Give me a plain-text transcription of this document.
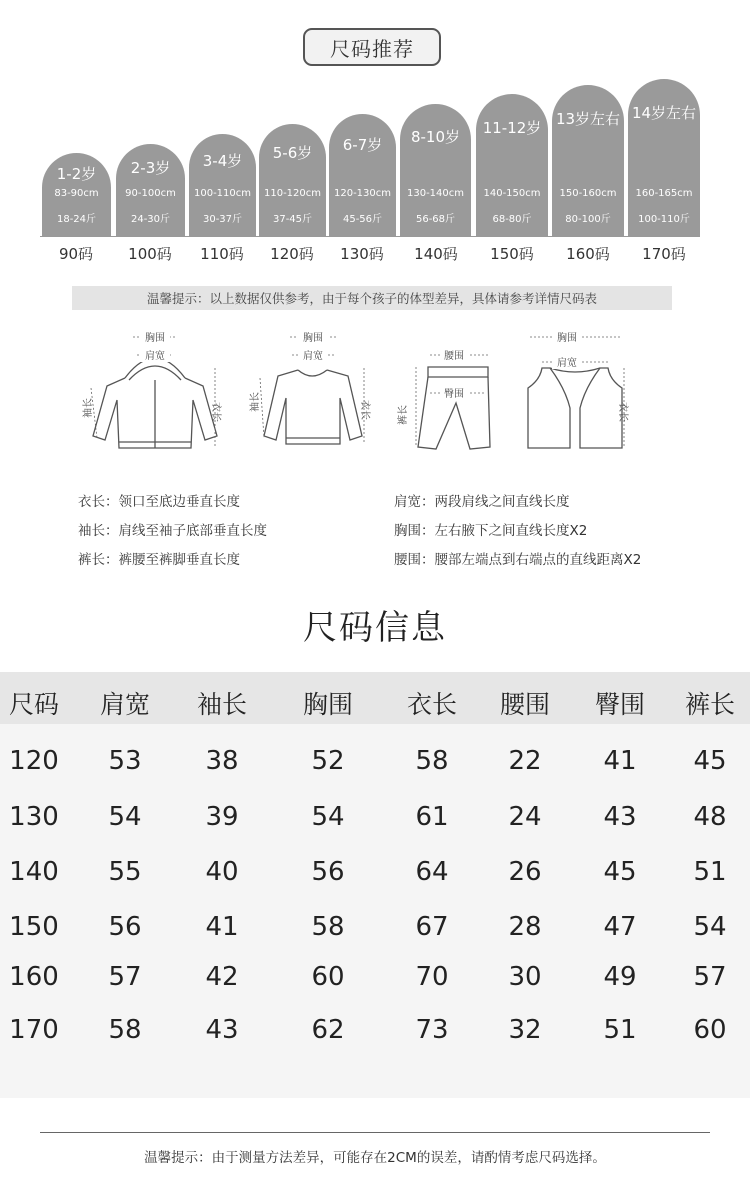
尺码推荐
1-2岁
83-90cm
18-24斤
2-3岁
90-100cm
24-30斤
3-4岁
100-110cm
30-37斤
5-6岁
110-120cm
37-45斤
6-7岁
120-130cm
45-56斤
8-10岁
130-140cm
56-68斤
11-12岁
140-150cm
68-80斤
13岁左右
150-160cm
80-100斤
14岁左右
160-165cm
100-110斤
90码	100码	110码	120码	130码	140码	150码	160码	170码
温馨提示：以上数据仅供参考，由于每个孩子的体型差异，具体请参考详情尺码表
胸围
肩宽
袖长	衣长
胸围
肩宽
袖长	衣长
腰围
臀围
裤长
胸围
肩宽
衣长
衣长：领口至底边垂直长度
袖长：肩线至袖子底部垂直长度
裤长：裤腰至裤脚垂直长度
肩宽：两段肩线之间直线长度
胸围：左右腋下之间直线长度X2
腰围：腰部左端点到右端点的直线距离X2
尺码信息
尺码	肩宽	袖长	胸围	衣长	腰围	臀围	裤长
120	53	38	52	58	22	41	45
130	54	39	54	61	24	43	48
140	55	40	56	64	26	45	51
150	56	41	58	67	28	47	54
160	57	42	60	70	30	49	57
170	58	43	62	73	32	51	60
温馨提示：由于测量方法差异，可能存在2CM的误差，请酌情考虑尺码选择。
